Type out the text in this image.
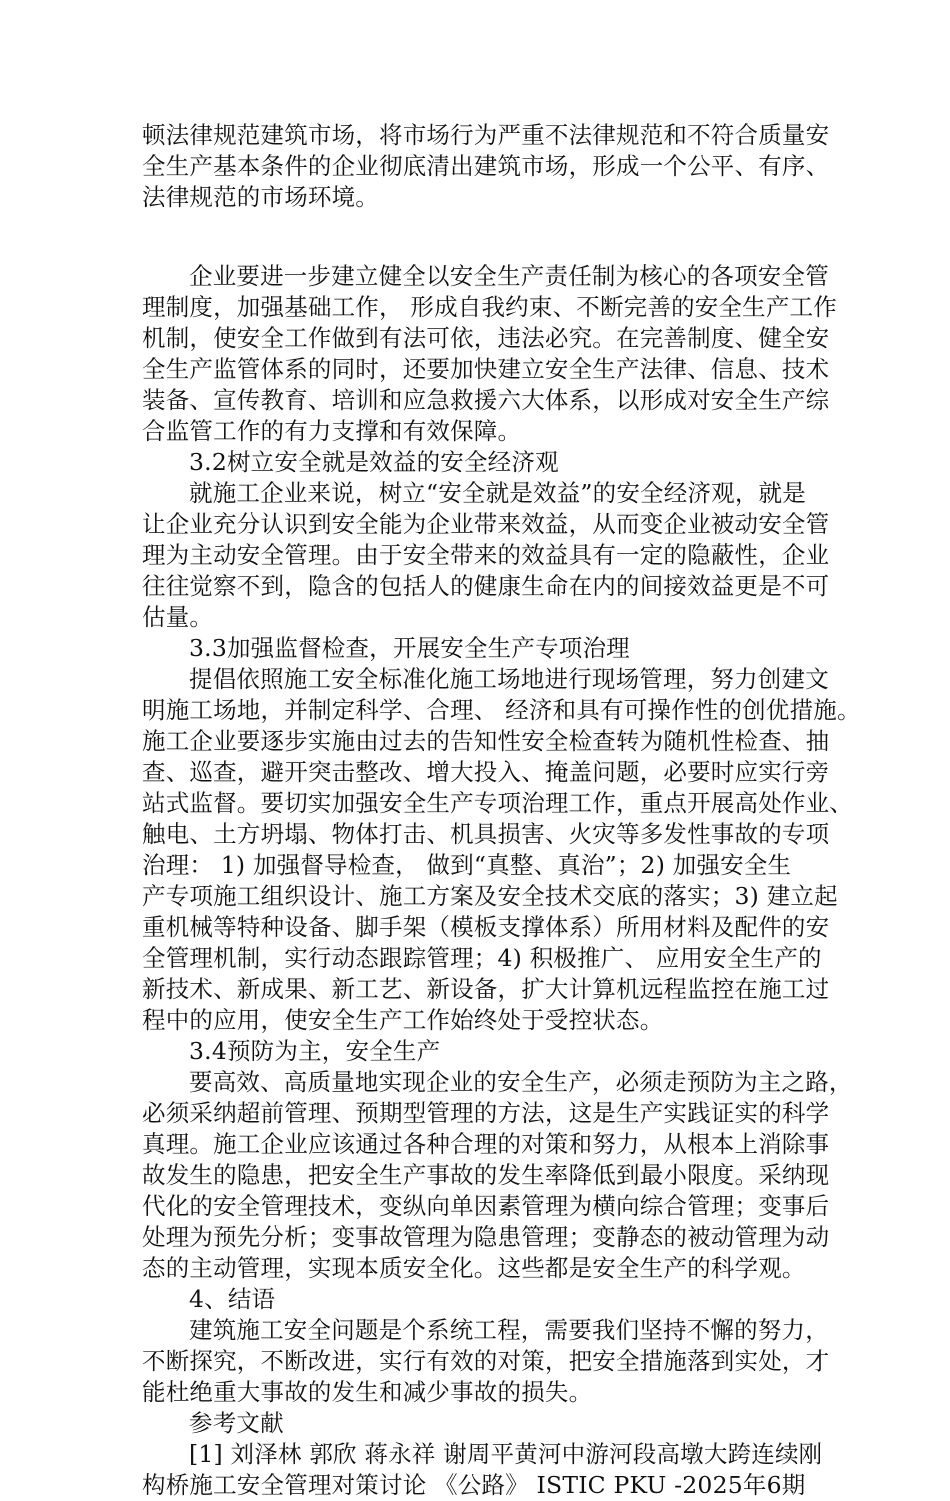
顿法律规范建筑市场，将市场行为严重不法律规范和不符合质量安
全生产基本条件的企业彻底清出建筑市场，形成一个公平、有序、
法律规范的市场环境。
企业要进一步建立健全以安全生产责任制为核心的各项安全管
理制度，加强基础工作， 形成自我约束、不断完善的安全生产工作
机制，使安全工作做到有法可依，违法必究。在完善制度、健全安
全生产监管体系的同时，还要加快建立安全生产法律、信息、技术
装备、宣传教育、培训和应急救援六大体系，以形成对安全生产综
合监管工作的有力支撑和有效保障。
3.2树立安全就是效益的安全经济观
就施工企业来说，树立“安全就是效益”的安全经济观，就是
让企业充分认识到安全能为企业带来效益，从而变企业被动安全管
理为主动安全管理。由于安全带来的效益具有一定的隐蔽性，企业
往往觉察不到，隐含的包括人的健康生命在内的间接效益更是不可
估量。
3.3加强监督检查，开展安全生产专项治理
提倡依照施工安全标准化施工场地进行现场管理，努力创建文
明施工场地，并制定科学、合理、 经济和具有可操作性的创优措施。
施工企业要逐步实施由过去的告知性安全检查转为随机性检查、抽
查、巡查，避开突击整改、增大投入、掩盖问题，必要时应实行旁
站式监督。要切实加强安全生产专项治理工作，重点开展高处作业、
触电、土方坍塌、物体打击、机具损害、火灾等多发性事故的专项
治理： 1) 加强督导检查， 做到“真整、真治”；2) 加强安全生
产专项施工组织设计、施工方案及安全技术交底的落实；3) 建立起
重机械等特种设备、脚手架（模板支撑体系）所用材料及配件的安
全管理机制，实行动态跟踪管理；4) 积极推广、 应用安全生产的
新技术、新成果、新工艺、新设备，扩大计算机远程监控在施工过
程中的应用，使安全生产工作始终处于受控状态。
3.4预防为主，安全生产
要高效、高质量地实现企业的安全生产，必须走预防为主之路，
必须采纳超前管理、预期型管理的方法，这是生产实践证实的科学
真理。施工企业应该通过各种合理的对策和努力，从根本上消除事
故发生的隐患，把安全生产事故的发生率降低到最小限度。采纳现
代化的安全管理技术，变纵向单因素管理为横向综合管理；变事后
处理为预先分析；变事故管理为隐患管理；变静态的被动管理为动
态的主动管理，实现本质安全化。这些都是安全生产的科学观。
4、结语
建筑施工安全问题是个系统工程，需要我们坚持不懈的努力，
不断探究，不断改进，实行有效的对策，把安全措施落到实处，才
能杜绝重大事故的发生和减少事故的损失。
参考文献
[1] 刘泽林 郭欣 蒋永祥 谢周平黄河中游河段高墩大跨连续刚
构桥施工安全管理对策讨论 《公路》 ISTIC PKU -2025年6期
